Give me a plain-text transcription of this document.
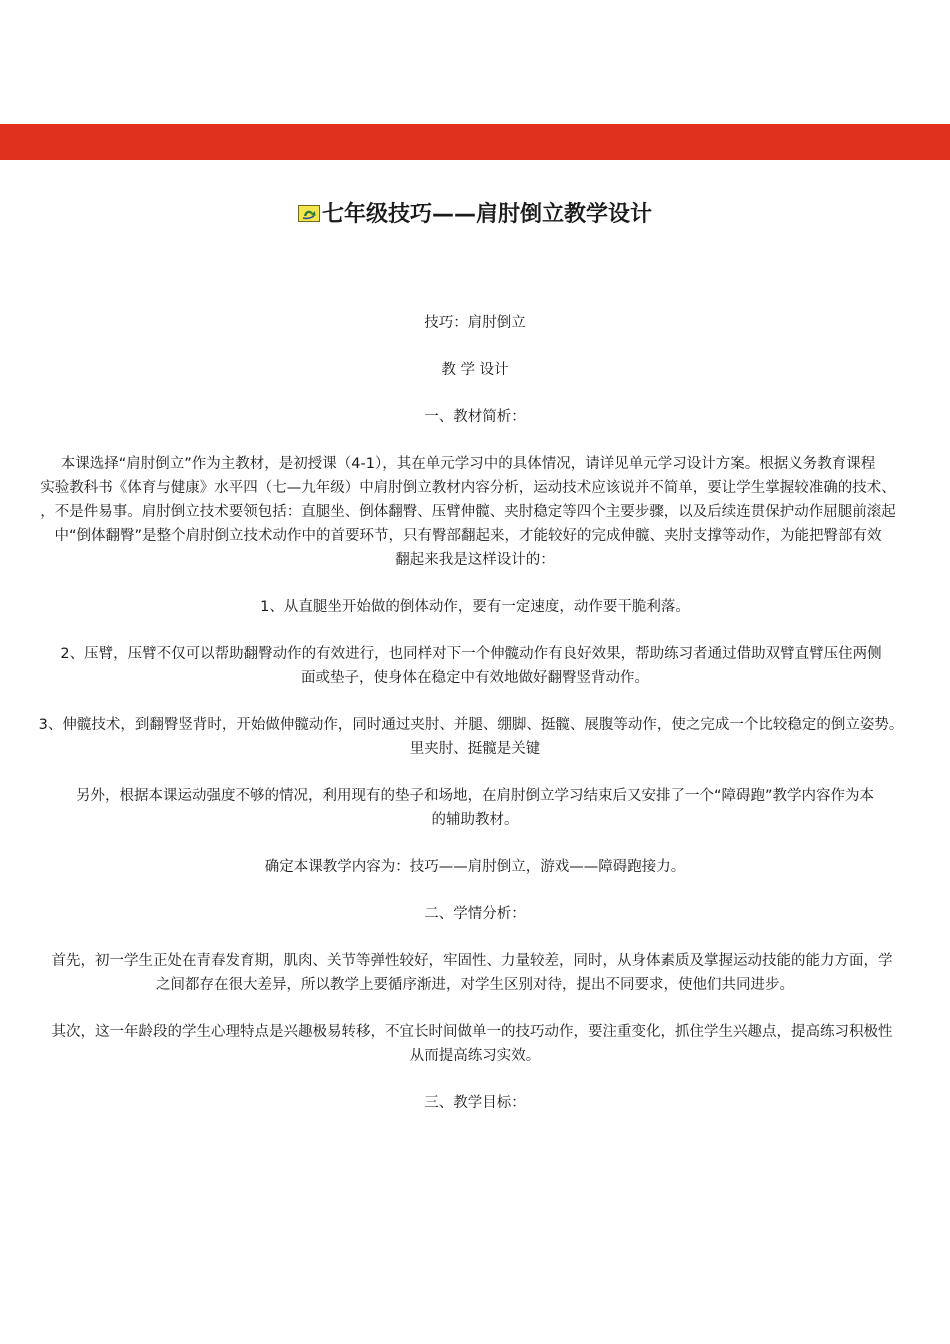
七年级技巧——肩肘倒立教学设计

技巧：肩肘倒立

教 学 设计

一、教材简析：

本课选择“肩肘倒立”作为主教材，是初授课（4-1），其在单元学习中的具体情况，请详见单元学习设计方案。根据义务教育课程
实验教科书《体育与健康》水平四（七—九年级）中肩肘倒立教材内容分析，运动技术应该说并不简单，要让学生掌握较准确的技术、
，不是件易事。肩肘倒立技术要领包括：直腿坐、倒体翻臀、压臂伸髋、夹肘稳定等四个主要步骤，以及后续连贯保护动作屈腿前滚起
中“倒体翻臀”是整个肩肘倒立技术动作中的首要环节，只有臀部翻起来，才能较好的完成伸髋、夹肘支撑等动作，为能把臀部有效
翻起来我是这样设计的：

1、从直腿坐开始做的倒体动作，要有一定速度，动作要干脆利落。

2、压臂，压臂不仅可以帮助翻臀动作的有效进行，也同样对下一个伸髋动作有良好效果，帮助练习者通过借助双臂直臂压住两侧
面或垫子，使身体在稳定中有效地做好翻臀竖背动作。

3、伸髋技术，到翻臀竖背时，开始做伸髋动作，同时通过夹肘、并腿、绷脚、挺髋、展腹等动作，使之完成一个比较稳定的倒立姿势。
里夹肘、挺髋是关键

另外，根据本课运动强度不够的情况，利用现有的垫子和场地，在肩肘倒立学习结束后又安排了一个“障碍跑”教学内容作为本
的辅助教材。

确定本课教学内容为：技巧——肩肘倒立，游戏——障碍跑接力。

二、学情分析：

首先，初一学生正处在青春发育期，肌肉、关节等弹性较好，牢固性、力量较差，同时，从身体素质及掌握运动技能的能力方面，学
之间都存在很大差异，所以教学上要循序渐进，对学生区别对待，提出不同要求，使他们共同进步。

其次，这一年龄段的学生心理特点是兴趣极易转移，不宜长时间做单一的技巧动作，要注重变化，抓住学生兴趣点，提高练习积极性
从而提高练习实效。

三、教学目标：
